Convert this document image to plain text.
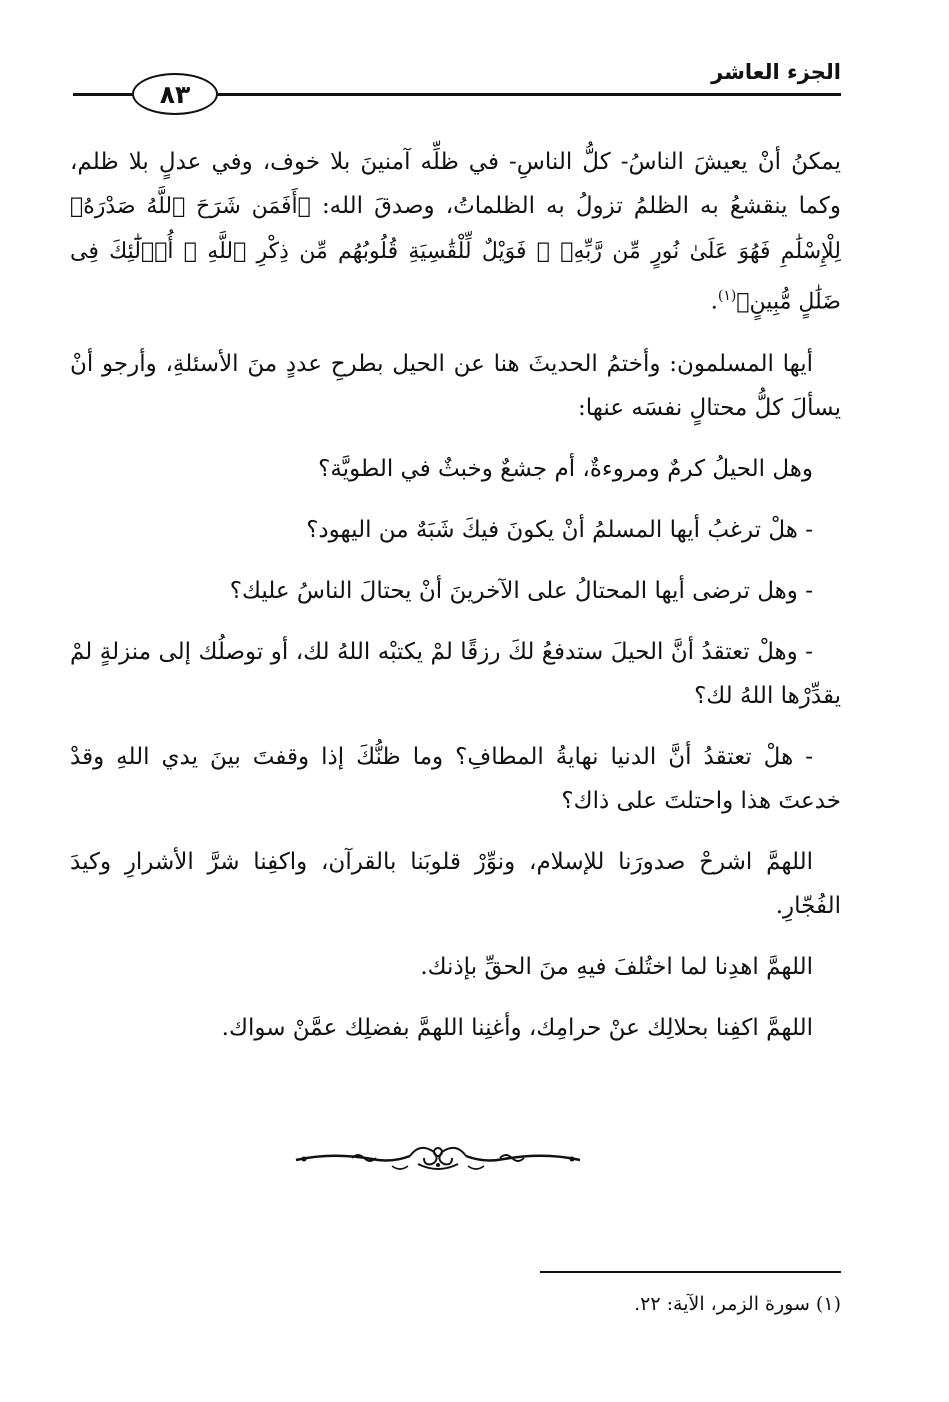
الجزء العاشر
٨٣

يمكنُ أنْ يعيشَ الناسُ- كلُّ الناسِ- في ظلِّه آمنينَ بلا خوف، وفي عدلٍ بلا ظلم، وكما ينقشعُ به الظلمُ تزولُ به الظلماتُ، وصدقَ الله: ﴿أَفَمَن شَرَحَ ٱللَّهُ صَدْرَهُۥ لِلْإِسْلَٰمِ فَهُوَ عَلَىٰ نُورٍ مِّن رَّبِّهِۦ ۚ فَوَيْلٌ لِّلْقَٰسِيَةِ قُلُوبُهُم مِّن ذِكْرِ ٱللَّهِ ۚ أُو۟لَٰٓئِكَ فِى ضَلَٰلٍ مُّبِينٍ﴾$^{(١)}$.

أيها المسلمون: وأختمُ الحديثَ هنا عن الحيل بطرحِ عددٍ منَ الأسئلةِ، وأرجو أنْ يسألَ كلُّ محتالٍ نفسَه عنها:

وهل الحيلُ كرمٌ ومروءةٌ، أم جشعٌ وخبثٌ في الطويَّة؟

- هلْ ترغبُ أيها المسلمُ أنْ يكونَ فيكَ شَبَهٌ من اليهود؟

- وهل ترضى أيها المحتالُ على الآخرينَ أنْ يحتالَ الناسُ عليك؟

- وهلْ تعتقدُ أنَّ الحيلَ ستدفعُ لكَ رزقًا لمْ يكتبْه اللهُ لك، أو توصلُك إلى منزلةٍ لمْ يقدِّرْها اللهُ لك؟

- هلْ تعتقدُ أنَّ الدنيا نهايةُ المطافِ؟ وما ظنُّكَ إذا وقفتَ بينَ يدي اللهِ وقدْ خدعتَ هذا واحتلتَ على ذاك؟

اللهمَّ اشرحْ صدورَنا للإسلام، ونوِّرْ قلوبَنا بالقرآن، واكفِنا شرَّ الأشرارِ وكيدَ الفُجّارِ.

اللهمَّ اهدِنا لما اختُلفَ فيهِ منَ الحقِّ بإذنك.

اللهمَّ اكفِنا بحلالِك عنْ حرامِك، وأغنِنا اللهمَّ بفضلِك عمَّنْ سواك.

(١) سورة الزمر، الآية: ٢٢.
